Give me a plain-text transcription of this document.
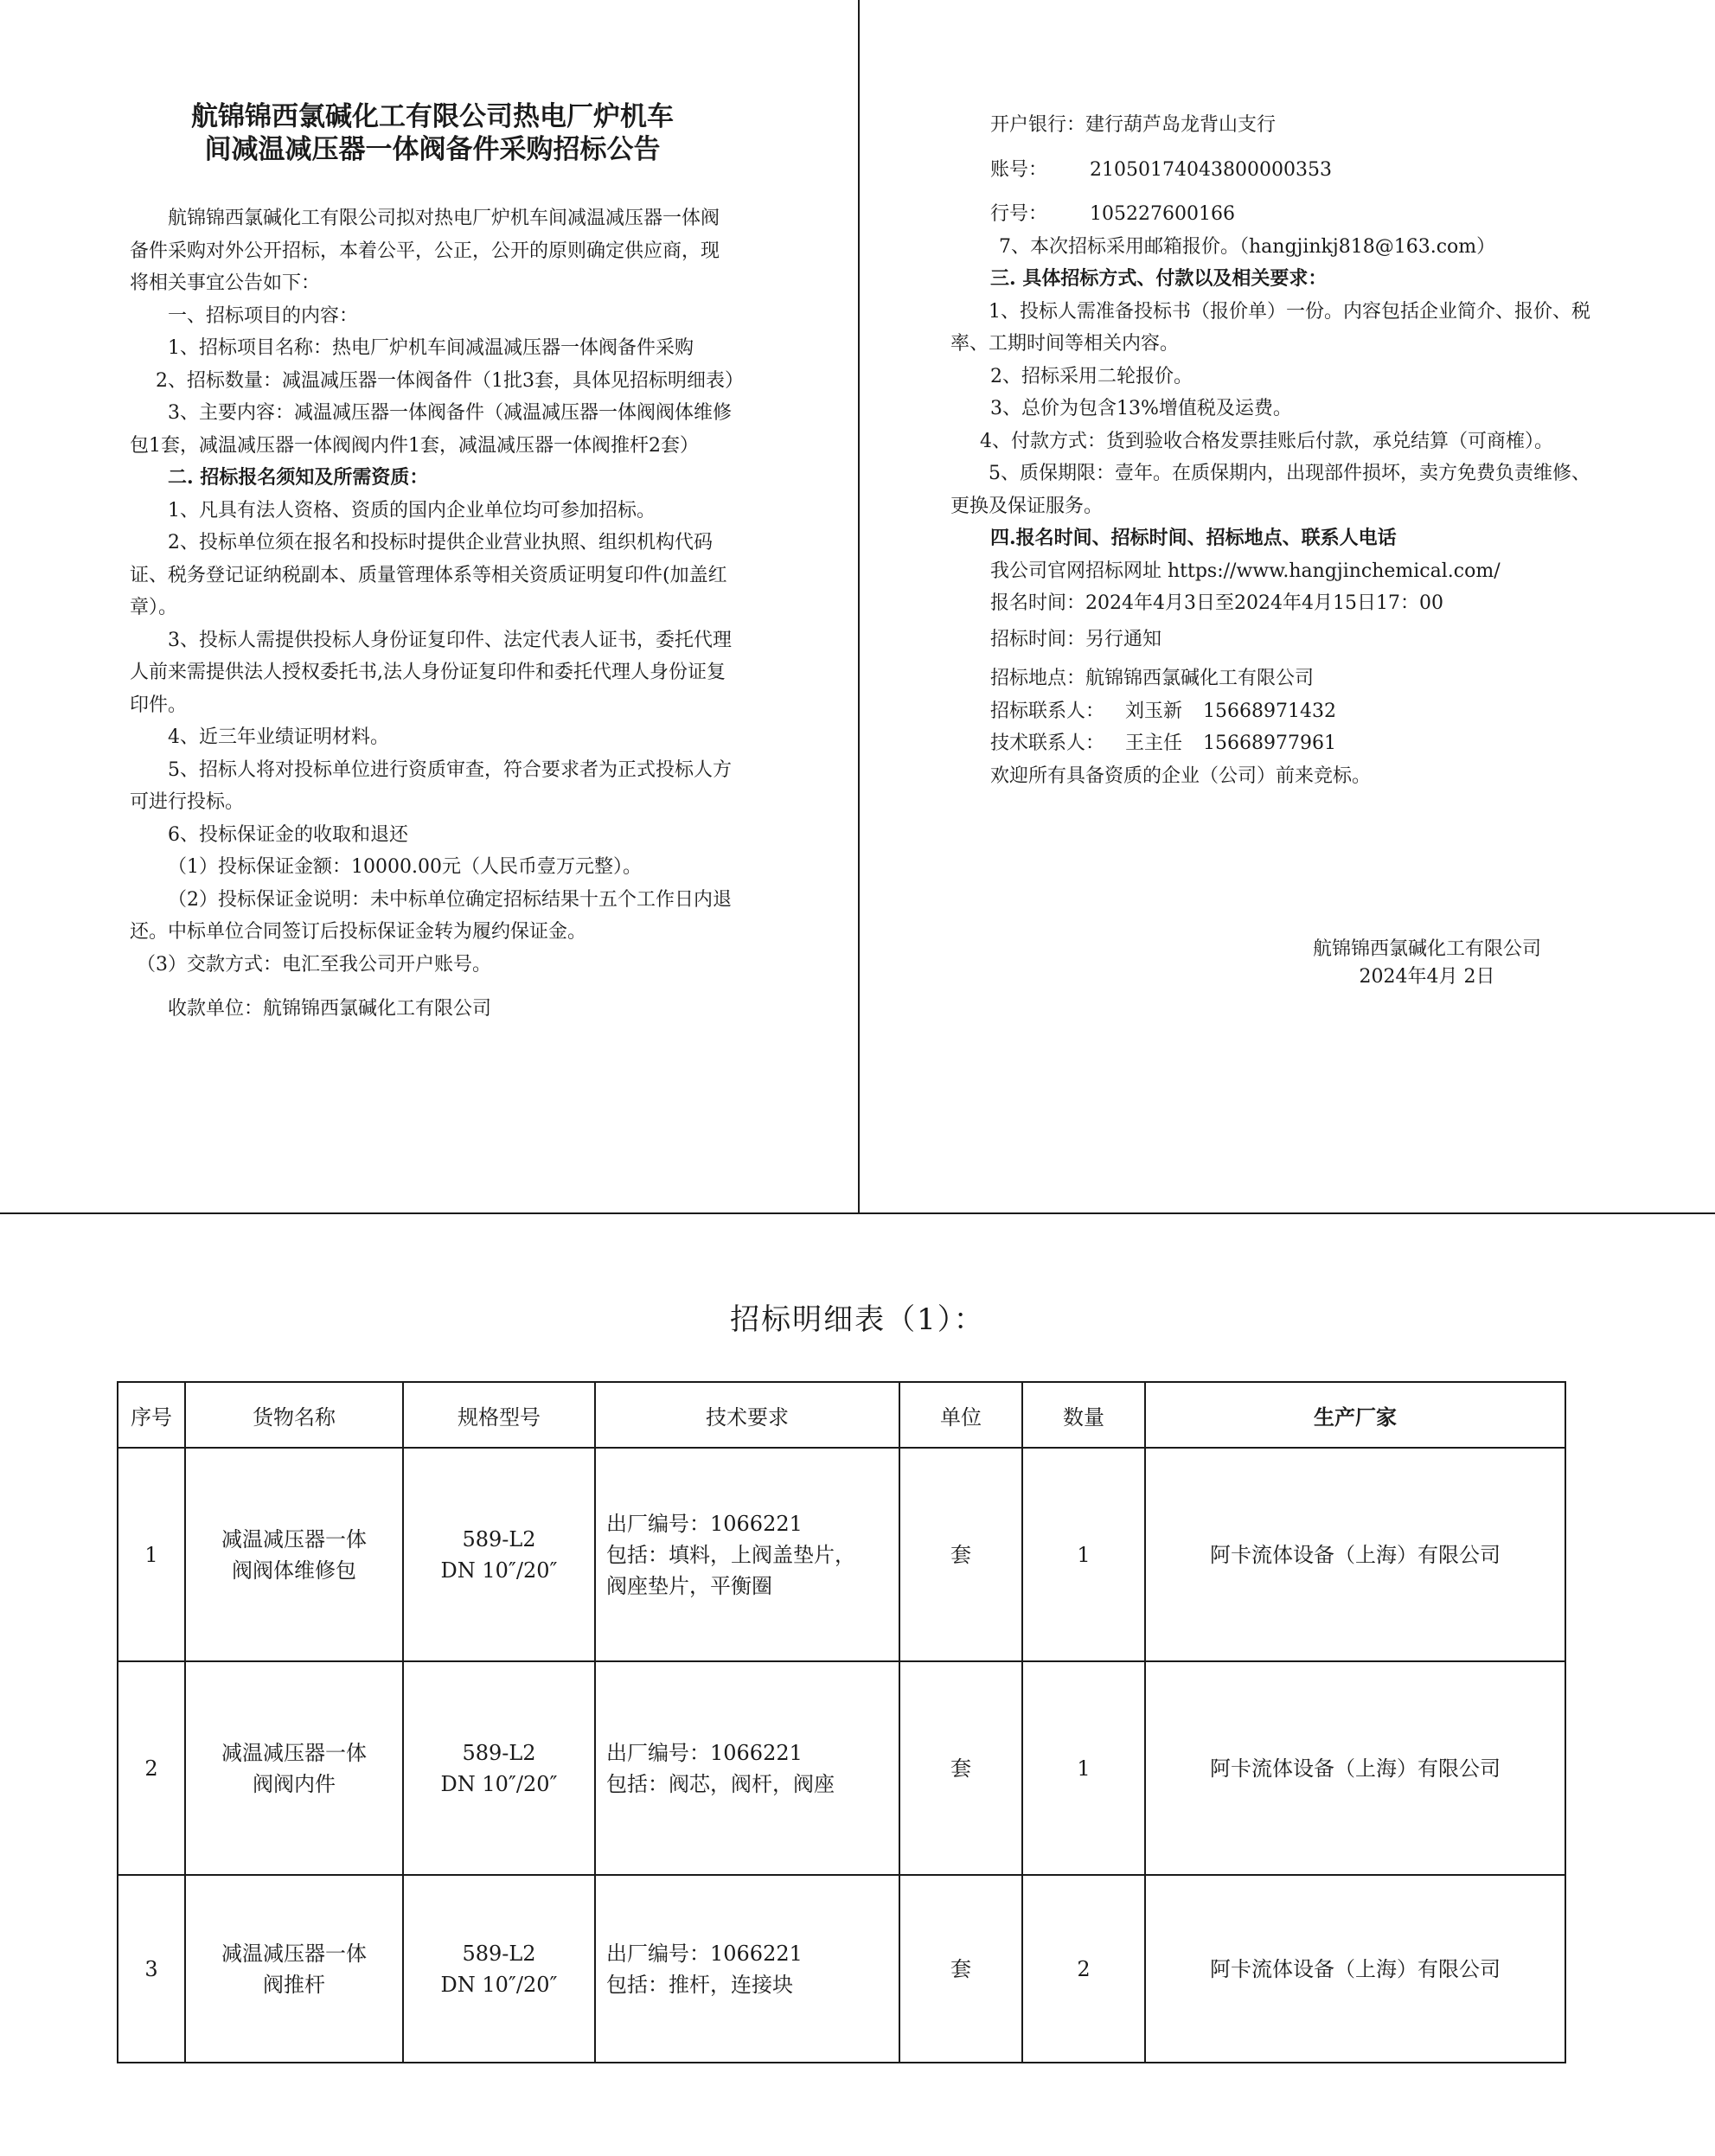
航锦锦西氯碱化工有限公司热电厂炉机车
间减温减压器一体阀备件采购招标公告

航锦锦西氯碱化工有限公司拟对热电厂炉机车间减温减压器一体阀备件采购对外公开招标，本着公平，公正，公开的原则确定供应商，现将相关事宜公告如下：

一、招标项目的内容：

1、招标项目名称：热电厂炉机车间减温减压器一体阀备件采购

2、招标数量：减温减压器一体阀备件（1批3套，具体见招标明细表）

3、主要内容：减温减压器一体阀备件（减温减压器一体阀阀体维修包1套，减温减压器一体阀阀内件1套，减温减压器一体阀推杆2套）

二. 招标报名须知及所需资质：

1、凡具有法人资格、资质的国内企业单位均可参加招标。

2、投标单位须在报名和投标时提供企业营业执照、组织机构代码证、税务登记证纳税副本、质量管理体系等相关资质证明复印件(加盖红章）。

3、投标人需提供投标人身份证复印件、法定代表人证书，委托代理人前来需提供法人授权委托书,法人身份证复印件和委托代理人身份证复印件。

4、近三年业绩证明材料。

5、招标人将对投标单位进行资质审查，符合要求者为正式投标人方可进行投标。

6、投标保证金的收取和退还

（1）投标保证金额：10000.00元（人民币壹万元整）。

（2）投标保证金说明：未中标单位确定招标结果十五个工作日内退还。中标单位合同签订后投标保证金转为履约保证金。

（3）交款方式：电汇至我公司开户账号。

收款单位：航锦锦西氯碱化工有限公司

开户银行：建行葫芦岛龙背山支行

账号： 21050174043800000353

行号： 105227600166

7、本次招标采用邮箱报价。（hangjinkj818@163.com）

三. 具体招标方式、付款以及相关要求：

1、投标人需准备投标书（报价单）一份。内容包括企业简介、报价、税率、工期时间等相关内容。

2、招标采用二轮报价。

3、总价为包含13%增值税及运费。

4、付款方式：货到验收合格发票挂账后付款，承兑结算（可商榷）。

5、质保期限：壹年。在质保期内，出现部件损坏，卖方免费负责维修、更换及保证服务。

四.报名时间、招标时间、招标地点、联系人电话

我公司官网招标网址 https://www.hangjinchemical.com/

报名时间：2024年4月3日至2024年4月15日17：00

招标时间：另行通知

招标地点：航锦锦西氯碱化工有限公司

招标联系人： 刘玉新 15668971432

技术联系人： 王主任 15668977961

欢迎所有具备资质的企业（公司）前来竞标。

航锦锦西氯碱化工有限公司
2024年4月 2日
招标明细表（1）：
序号	货物名称	规格型号	技术要求	单位	数量	生产厂家
1	减温减压器一体
阀阀体维修包	589-L2
DN 10″/20″	出厂编号：1066221
包括：填料，上阀盖垫片，
阀座垫片，平衡圈	套	1	阿卡流体设备（上海）有限公司
2	减温减压器一体
阀阀内件	589-L2
DN 10″/20″	出厂编号：1066221
包括：阀芯，阀杆，阀座	套	1	阿卡流体设备（上海）有限公司
3	减温减压器一体
阀推杆	589-L2
DN 10″/20″	出厂编号：1066221
包括：推杆，连接块	套	2	阿卡流体设备（上海）有限公司
